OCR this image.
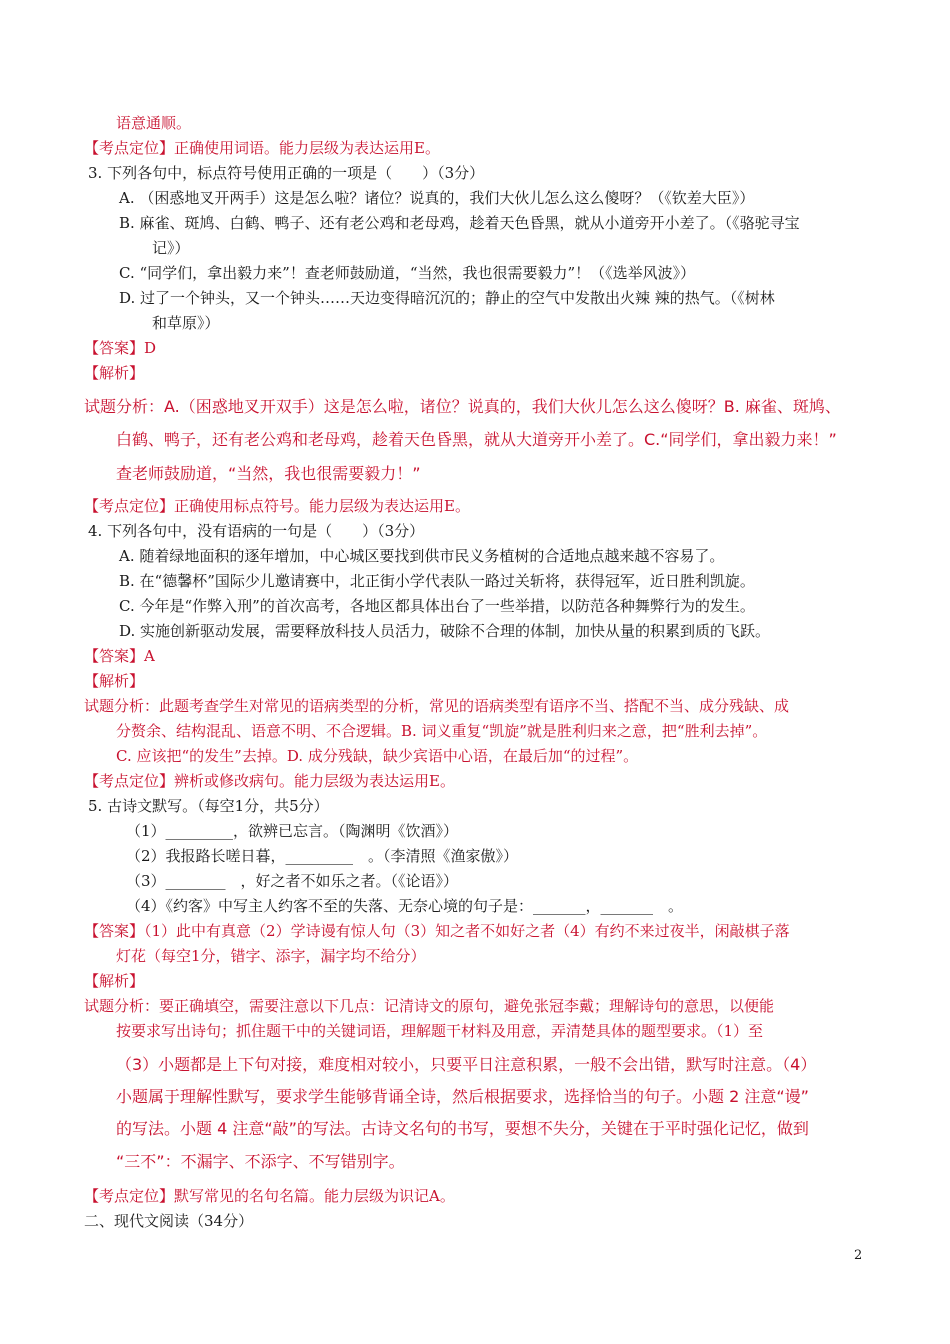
语意通顺。
【考点定位】正确使用词语。能力层级为表达运用E。
3. 下列各句中，标点符号使用正确的一项是（　　）（3分）
A. （困惑地叉开两手）这是怎么啦？诸位？说真的，我们大伙儿怎么这么傻呀？（《钦差大臣》）
B. 麻雀、斑鸠、白鹤、鸭子、还有老公鸡和老母鸡，趁着天色昏黑，就从小道旁开小差了。（《骆驼寻宝
记》）
C. “同学们，拿出毅力来”！查老师鼓励道，“当然，我也很需要毅力”！（《选举风波》）
D. 过了一个钟头，又一个钟头……天边变得暗沉沉的；静止的空气中发散出火辣 辣的热气。（《树林
和草原》）
【答案】D
【解析】
试题分析：A.（困惑地叉开双手）这是怎么啦，诸位？说真的，我们大伙儿怎么这么傻呀？B. 麻雀、斑鸠、
白鹤、鸭子，还有老公鸡和老母鸡，趁着天色昏黑，就从大道旁开小差了。C.“同学们，拿出毅力来！”
查老师鼓励道，“当然，我也很需要毅力！”
【考点定位】正确使用标点符号。能力层级为表达运用E。
4. 下列各句中，没有语病的一句是（　　）（3分）
A. 随着绿地面积的逐年增加，中心城区要找到供市民义务植树的合适地点越来越不容易了。
B. 在“德馨杯”国际少儿邀请赛中，北正街小学代表队一路过关斩将，获得冠军，近日胜利凯旋。
C. 今年是“作弊入刑”的首次高考，各地区都具体出台了一些举措，以防范各种舞弊行为的发生。
D. 实施创新驱动发展，需要释放科技人员活力，破除不合理的体制，加快从量的积累到质的飞跃。
【答案】A
【解析】
试题分析：此题考查学生对常见的语病类型的分析，常见的语病类型有语序不当、搭配不当、成分残缺、成
分赘余、结构混乱、语意不明、不合逻辑。B. 词义重复“凯旋”就是胜利归来之意，把“胜利去掉”。
C. 应该把“的发生”去掉。D. 成分残缺，缺少宾语中心语，在最后加“的过程”。
【考点定位】辨析或修改病句。能力层级为表达运用E。
5. 古诗文默写。（每空1分，共5分）
（1）_________，欲辨已忘言。（陶渊明《饮酒》）
（2）我报路长嗟日暮，_________　。（李清照《渔家傲》）
（3）________　，好之者不如乐之者。（《论语》）
（4）《约客》中写主人约客不至的失落、无奈心境的句子是：_______，_______　。
【答案】（1）此中有真意（2）学诗谩有惊人句（3）知之者不如好之者（4）有约不来过夜半，闲敲棋子落
灯花（每空1分，错字、添字，漏字均不给分）
【解析】
试题分析：要正确填空，需要注意以下几点：记清诗文的原句，避免张冠李戴；理解诗句的意思，以便能
按要求写出诗句；抓住题干中的关键词语，理解题干材料及用意，弄清楚具体的题型要求。（1）至
（3）小题都是上下句对接，难度相对较小，只要平日注意积累，一般不会出错，默写时注意。（4）
小题属于理解性默写，要求学生能够背诵全诗，然后根据要求，选择恰当的句子。小题 2 注意“谩”
的写法。小题 4 注意“敲”的写法。古诗文名句的书写，要想不失分，关键在于平时强化记忆，做到
“三不”：不漏字、不添字、不写错别字。
【考点定位】默写常见的名句名篇。能力层级为识记A。
二、现代文阅读（34分）
2
